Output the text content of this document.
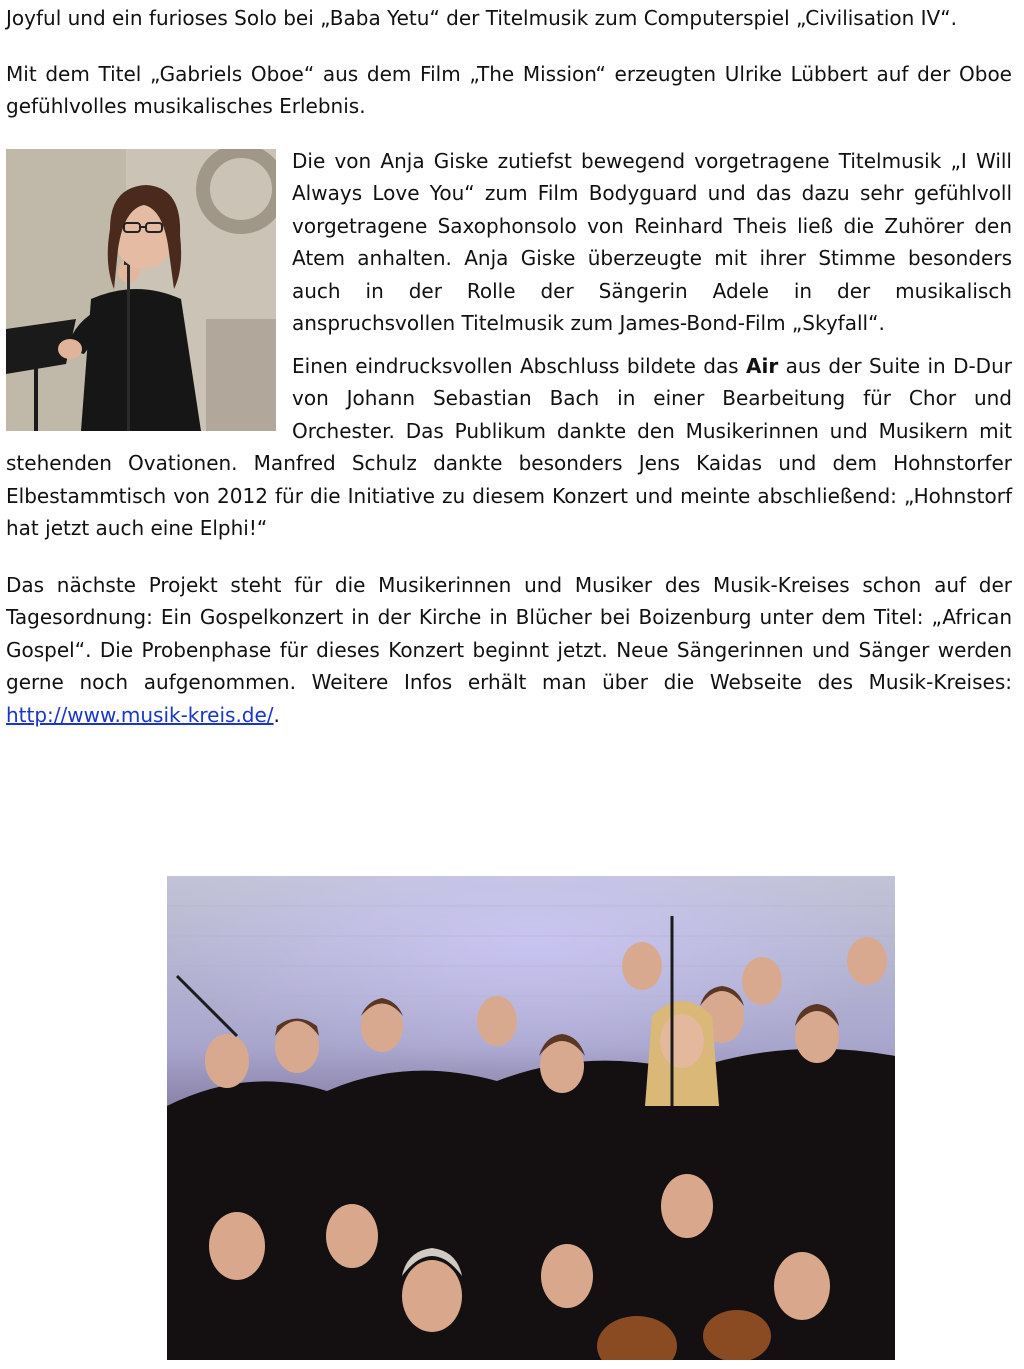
Joyful und ein furioses Solo bei „Baba Yetu“ der Titelmusik zum Computerspiel „Civilisation IV“.

Mit dem Titel „Gabriels Oboe“ aus dem Film „The Mission“ erzeugten Ulrike Lübbert auf der Oboe gefühlvolles musikalisches Erlebnis.

Die von Anja Giske zutiefst bewegend vorgetragene Titelmusik „I Will Always Love You“ zum Film Bodyguard und das dazu sehr gefühlvoll vorgetragene Saxophonsolo von Reinhard Theis ließ die Zuhörer den Atem anhalten. Anja Giske überzeugte mit ihrer Stimme besonders auch in der Rolle der Sängerin Adele in der musikalisch anspruchsvollen Titelmusik zum James-Bond-Film „Skyfall“.

Einen eindrucksvollen Abschluss bildete das Air aus der Suite in D-Dur von Johann Sebastian Bach in einer Bearbeitung für Chor und Orchester. Das Publikum dankte den Musikerinnen und Musikern mit stehenden Ovationen. Manfred Schulz dankte besonders Jens Kaidas und dem Hohnstorfer Elbestammtisch von 2012 für die Initiative zu diesem Konzert und meinte abschließend: „Hohnstorf hat jetzt auch eine Elphi!“

Das nächste Projekt steht für die Musikerinnen und Musiker des Musik-Kreises schon auf der Tagesordnung: Ein Gospelkonzert in der Kirche in Blücher bei Boizenburg unter dem Titel: „African Gospel“. Die Probenphase für dieses Konzert beginnt jetzt. Neue Sängerinnen und Sänger werden gerne noch aufgenommen. Weitere Infos erhält man über die Webseite des Musik-Kreises: http://www.musik-kreis.de/.
